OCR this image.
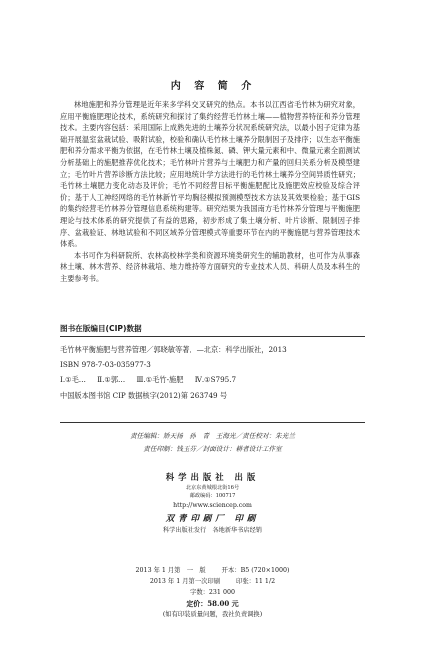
内 容 简 介

林地施肥和养分管理是近年来多学科交叉研究的热点。本书以江西省毛竹林为研究对象，应用平衡施肥理论技术，系统研究和探讨了集约经营毛竹林土壤——植物营养特征和养分管理技术。主要内容包括：采用国际上成熟先进的土壤养分状况系统研究法，以最小因子定律为基础开展温室盆栽试验、吸附试验，校验和确认毛竹林土壤养分限制因子及排序；以生态平衡施肥和养分需求平衡为依据，在毛竹林土壤及植株氮、磷、钾大量元素和中、微量元素全面测试分析基础上的施肥推荐优化技术；毛竹林叶片营养与土壤肥力和产量的回归关系分析及模型建立；毛竹叶片营养诊断方法比较；应用地统计学方法进行的毛竹林土壤养分空间异质性研究；毛竹林土壤肥力变化动态及评价；毛竹不同经营目标平衡施肥配比及施肥效应校验及综合评价；基于人工神经网络的毛竹林新竹平均胸径模拟预测模型技术方法及其效果检验；基于GIS的集约经营毛竹林养分管理信息系统构建等。研究结果为我国南方毛竹林养分管理与平衡施肥理论与技术体系的研究提供了有益的思路，初步形成了集土壤分析、叶片诊断、限制因子排序、盆栽验证、林地试验和不同区域养分管理模式等重要环节在内的平衡施肥与营养管理技术体系。

本书可作为科研院所、农林高校林学类和资源环境类研究生的辅助教材，也可作为从事森林土壤、林木营养、经济林栽培、地力维持等方面研究的专业技术人员、科研人员及本科生的主要参考书。

图书在版编目(CIP)数据
毛竹林平衡施肥与营养管理／郭晓敏等著．—北京：科学出版社，2013
ISBN 978-7-03-035977-3
Ⅰ.①毛… Ⅱ.①郭… Ⅲ.①毛竹-施肥 Ⅳ.①S795.7
中国版本图书馆 CIP 数据核字(2012)第 263749 号
责任编辑：矫天扬　孙　青　王海光／责任校对：朱光兰
责任印制：钱玉芬／封面设计：耕者设计工作室
科学出版社 出版
北京东黄城根北街16号
邮政编码：100717
http://www.sciencep.com
双青印刷厂 印刷
科学出版社发行　各地新华书店经销
2013 年 1 月第　一　版	开本：B5 (720×1000)
2013 年 1 月第一次印刷	印张：11 1/2
字数：231 000
定价：58.00 元
(如有印装质量问题，我社负责调换)
